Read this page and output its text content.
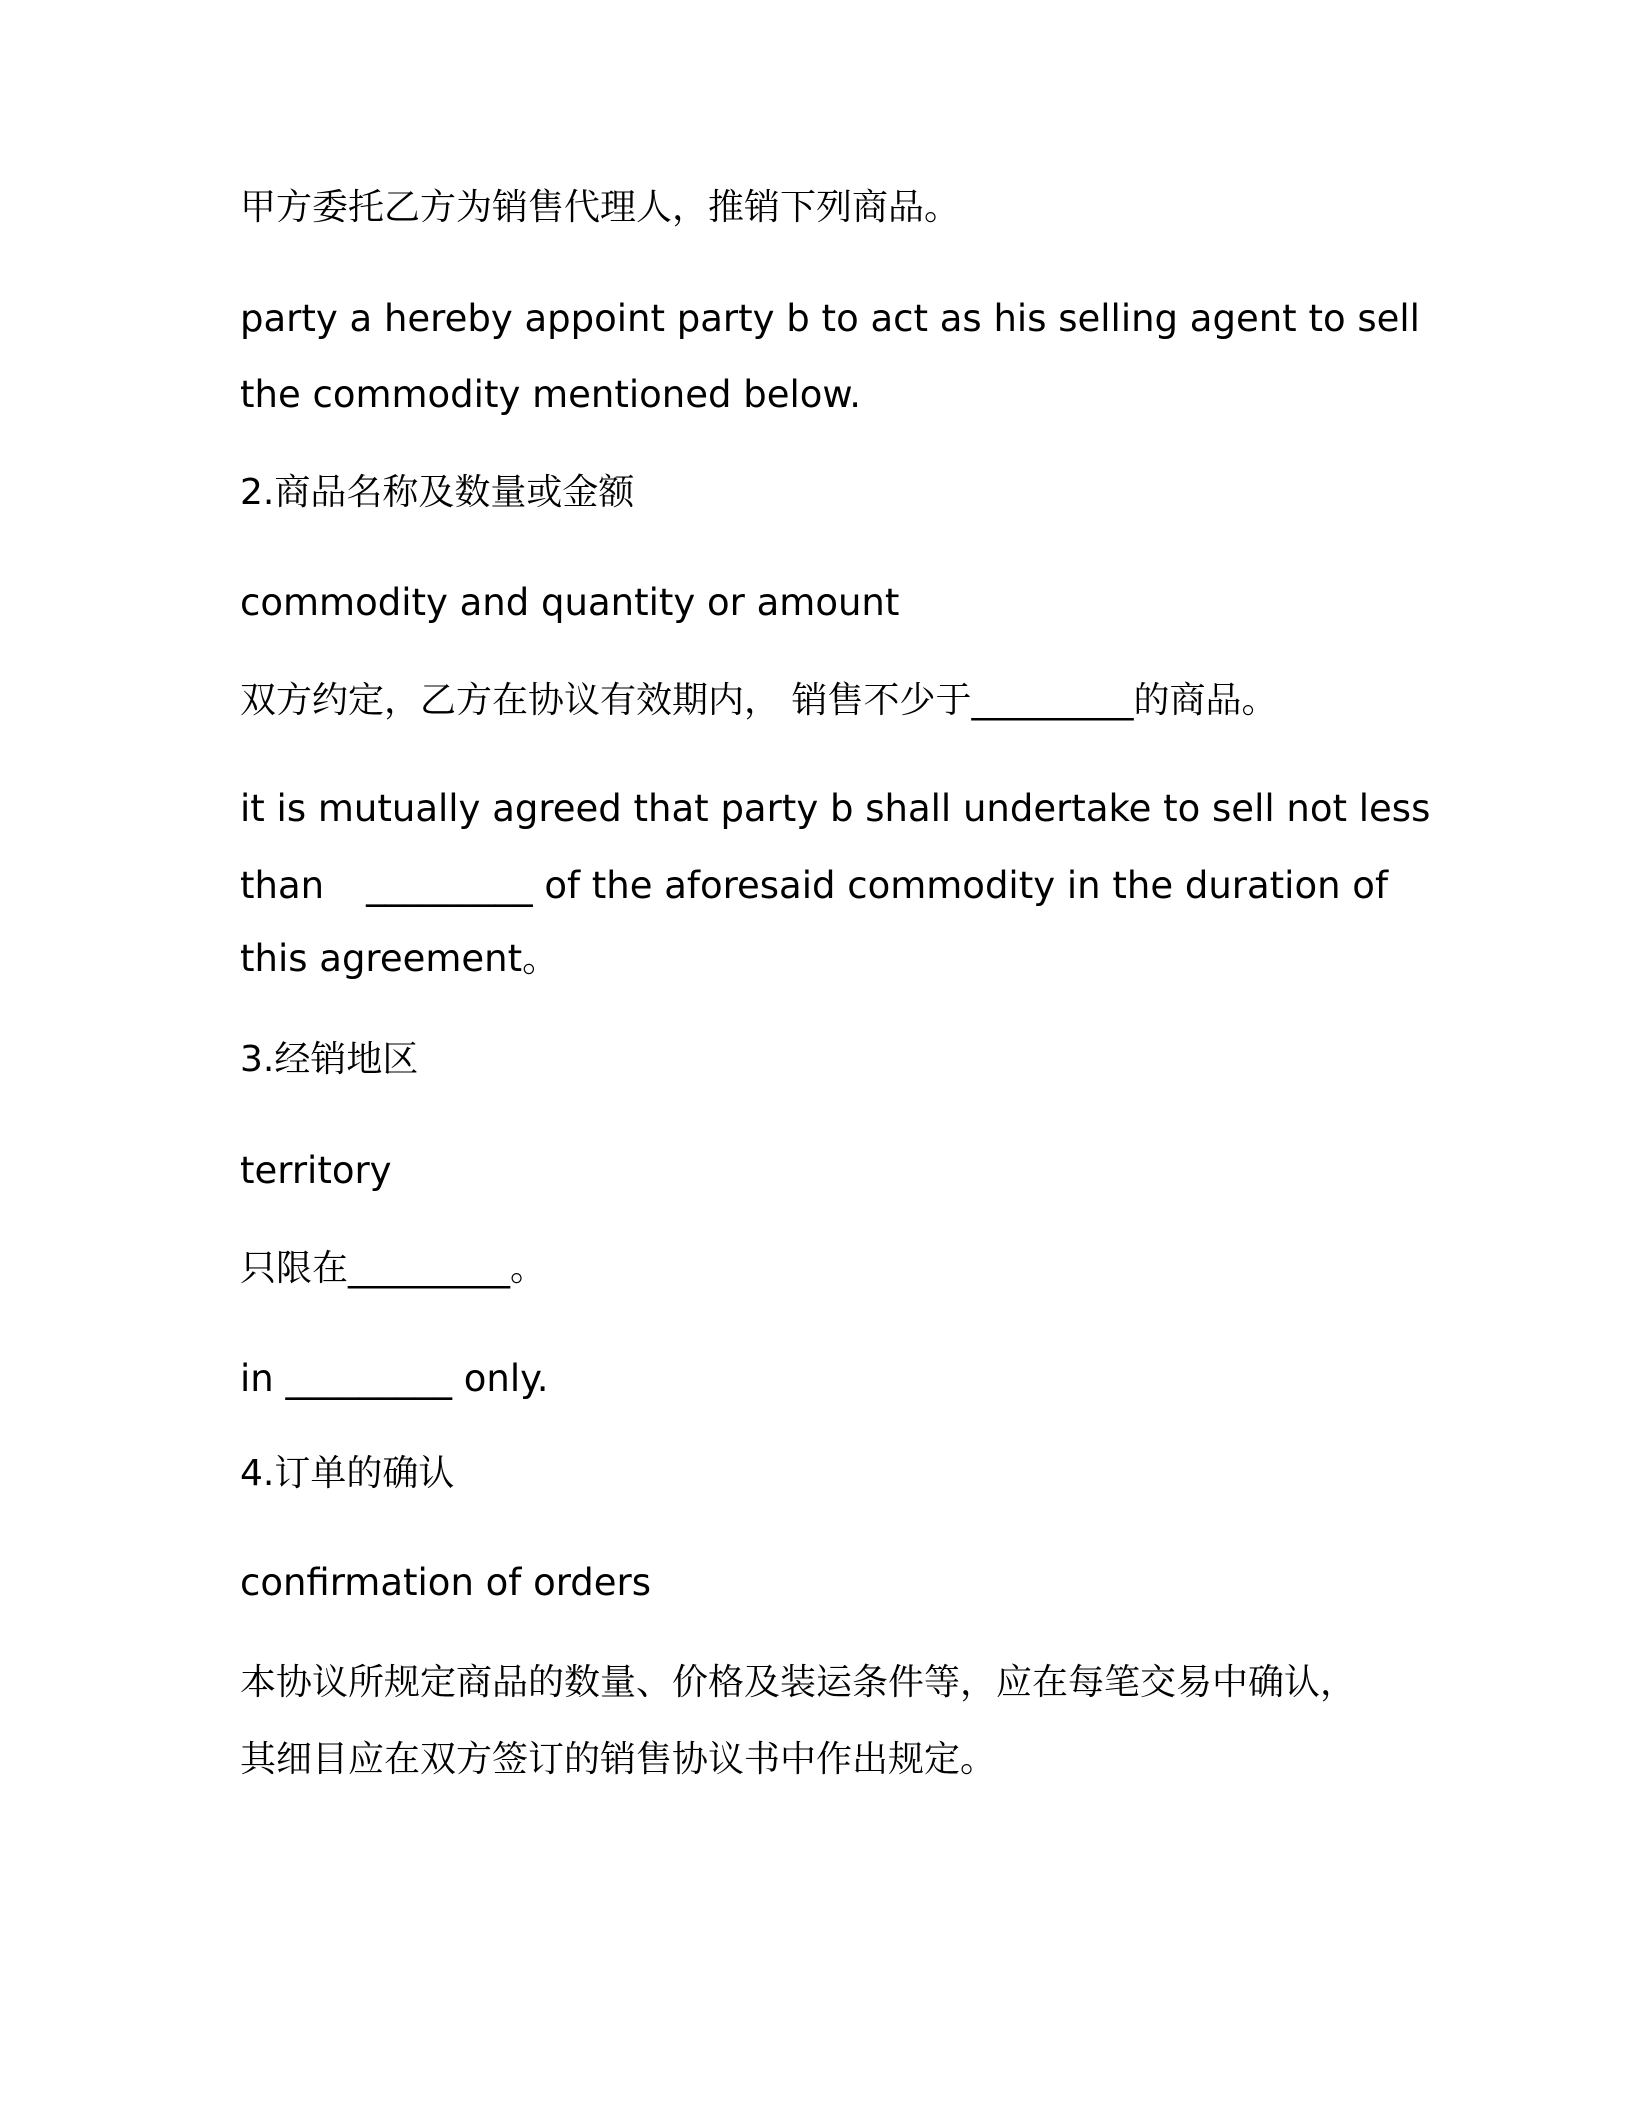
甲方委托乙方为销售代理人，推销下列商品。
party a hereby appoint party b to act as his selling agent to sell
the commodity mentioned below.
2.商品名称及数量或金额
commodity and quantity or amount
双方约定，乙方在协议有效期内， 销售不少于_________的商品。
it is mutually agreed that party b shall undertake to sell not less
than _________ of the aforesaid commodity in the duration of
this agreement。
3.经销地区
territory
只限在_________。
in _________ only.
4.订单的确认
confirmation of orders
本协议所规定商品的数量、价格及装运条件等，应在每笔交易中确认，
其细目应在双方签订的销售协议书中作出规定。
